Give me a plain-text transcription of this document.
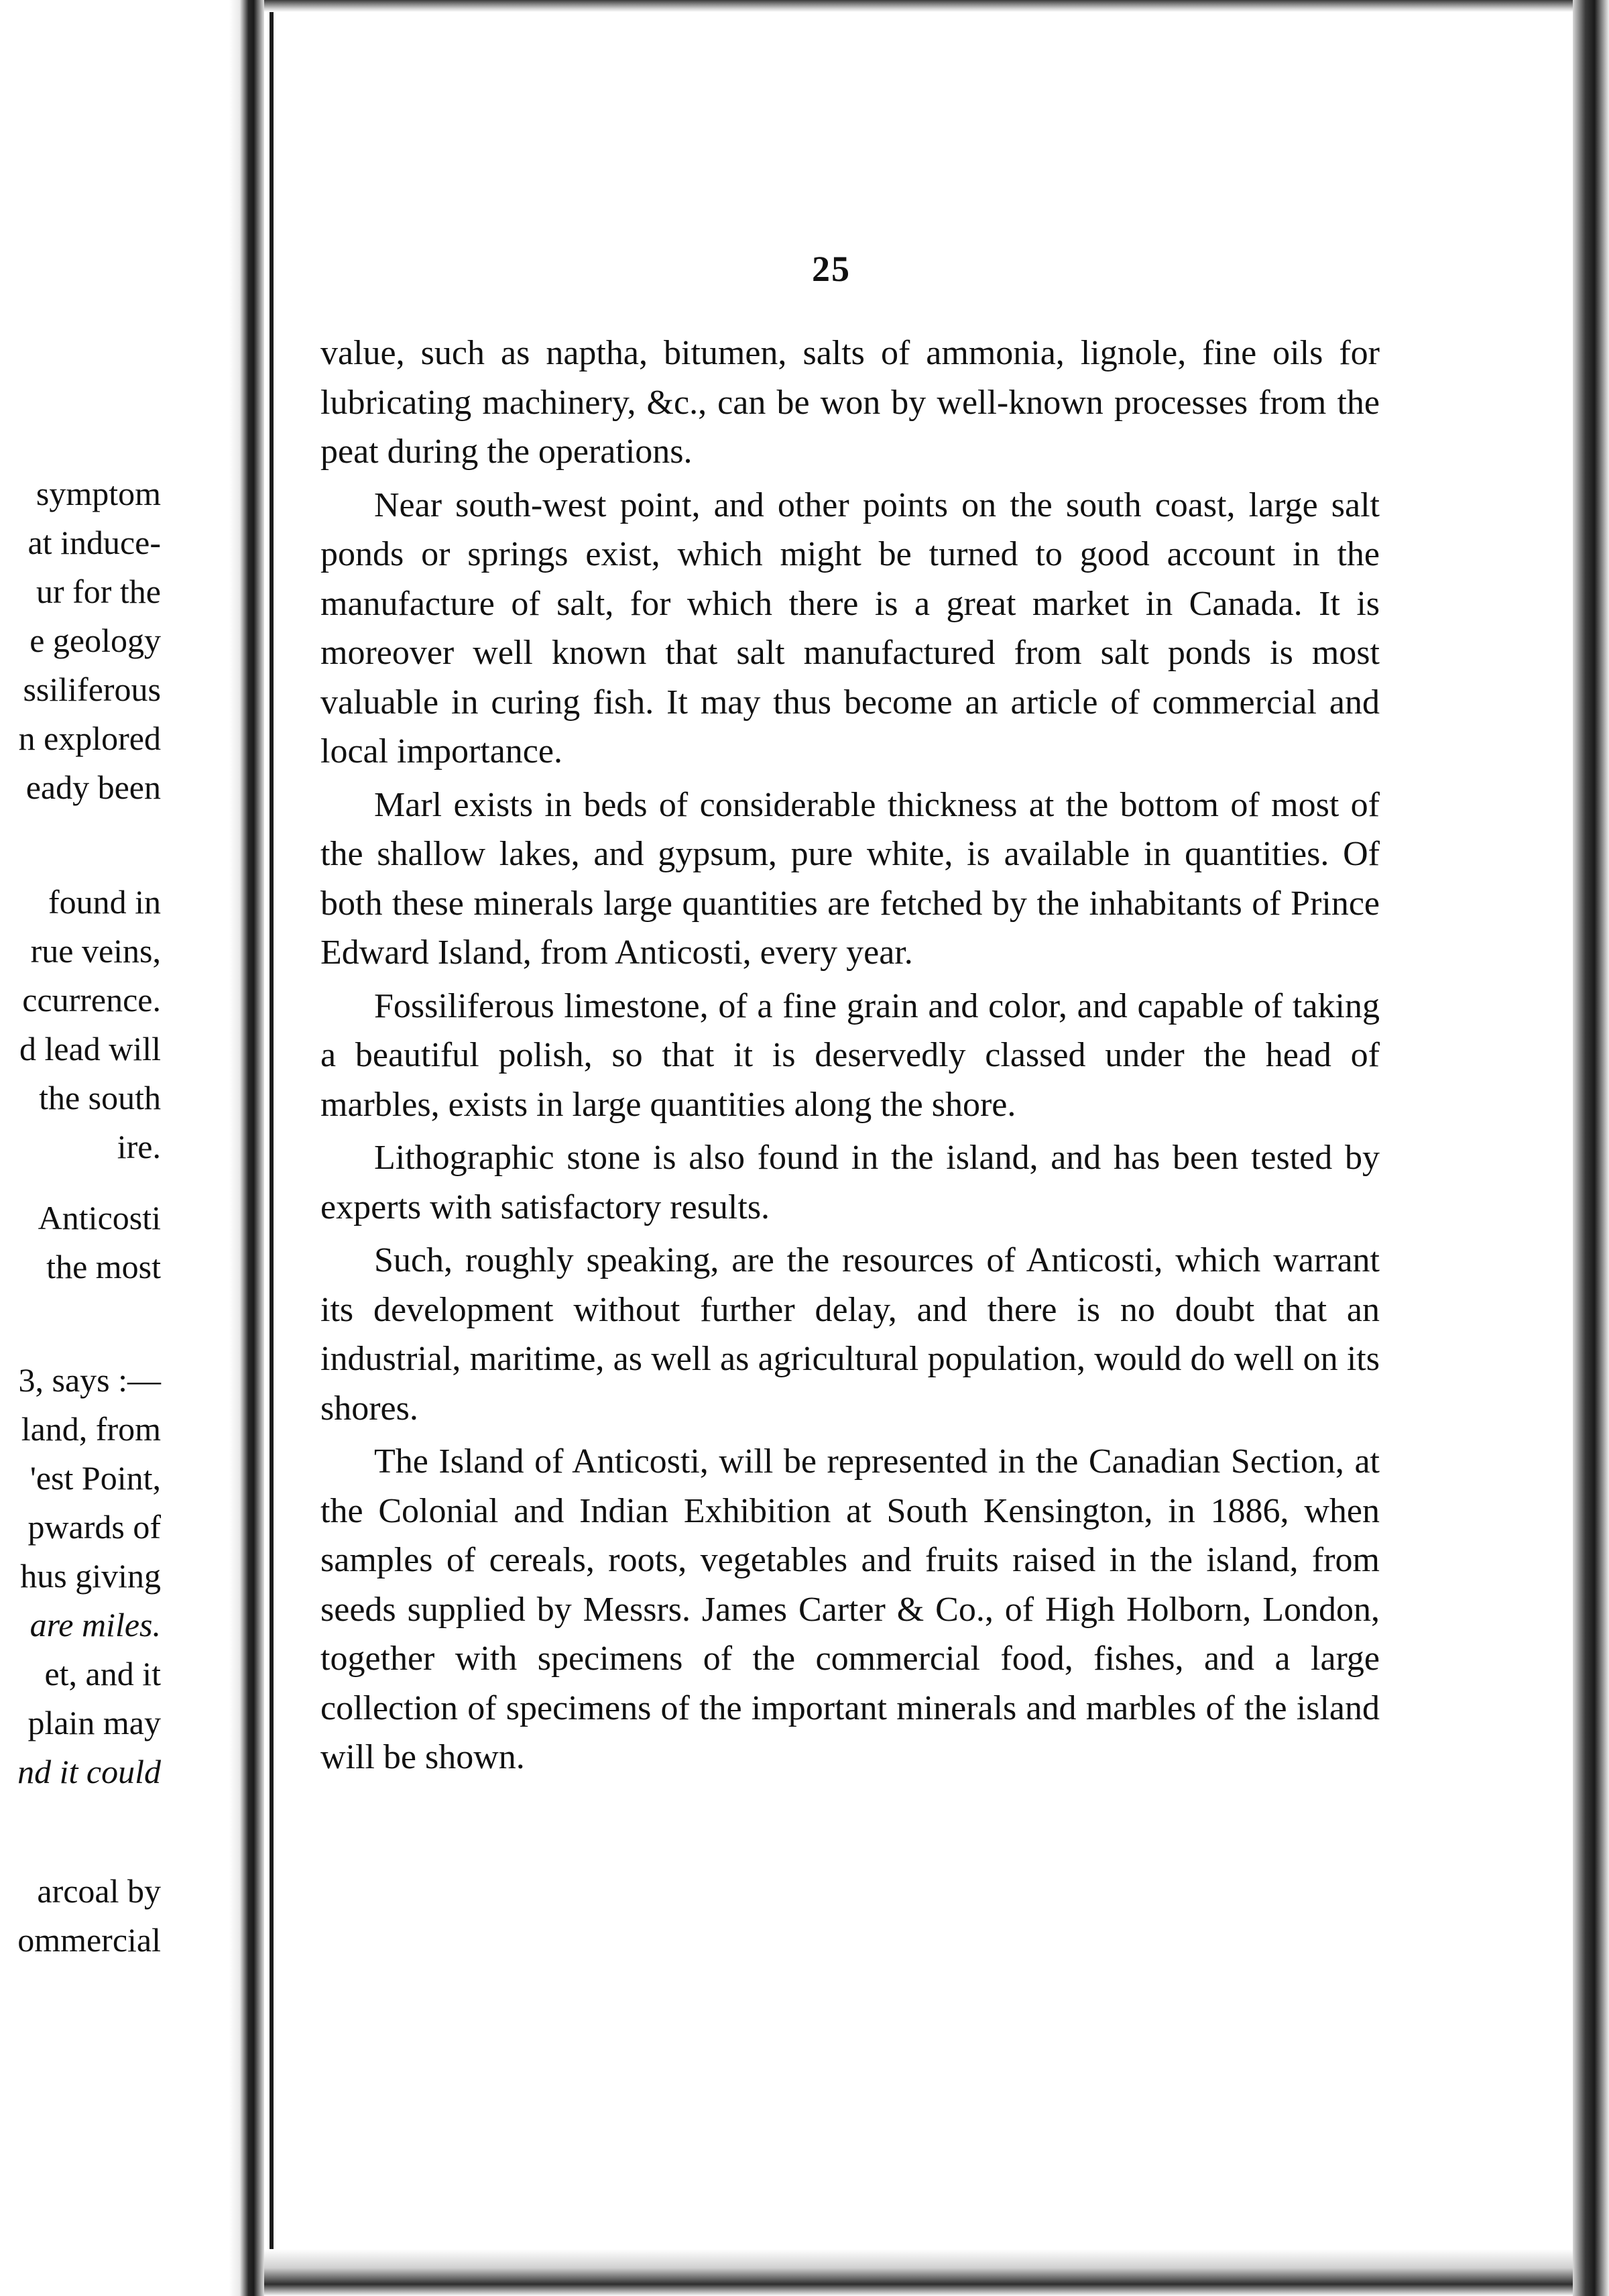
symptom
at induce-
ur for the
e geology
ssiliferous
n explored
eady been
found in
rue veins,
ccurrence.
d lead will
the south
ire.
Anticosti
the most
3, says :—
land, from
'est Point,
pwards of
hus giving
are miles.
et, and it
plain may
nd it could
arcoal by
ommercial
25

value, such as naptha, bitumen, salts of ammonia, lignole, fine oils for lubricating machinery, &c., can be won by well-known processes from the peat during the operations.

Near south-west point, and other points on the south coast, large salt ponds or springs exist, which might be turned to good account in the manufacture of salt, for which there is a great market in Canada. It is moreover well known that salt manufactured from salt ponds is most valuable in curing fish. It may thus become an article of commercial and local importance.

Marl exists in beds of considerable thickness at the bottom of most of the shallow lakes, and gypsum, pure white, is available in quantities. Of both these minerals large quantities are fetched by the inhabitants of Prince Edward Island, from Anticosti, every year.

Fossiliferous limestone, of a fine grain and color, and capable of taking a beautiful polish, so that it is deservedly classed under the head of marbles, exists in large quantities along the shore.

Lithographic stone is also found in the island, and has been tested by experts with satisfactory results.

Such, roughly speaking, are the resources of Anticosti, which warrant its development without further delay, and there is no doubt that an industrial, maritime, as well as agricultural population, would do well on its shores.

The Island of Anticosti, will be represented in the Canadian Section, at the Colonial and Indian Exhibition at South Kensington, in 1886, when samples of cereals, roots, vegetables and fruits raised in the island, from seeds supplied by Messrs. James Carter & Co., of High Holborn, London, together with specimens of the commercial food, fishes, and a large collection of specimens of the important minerals and marbles of the island will be shown.
